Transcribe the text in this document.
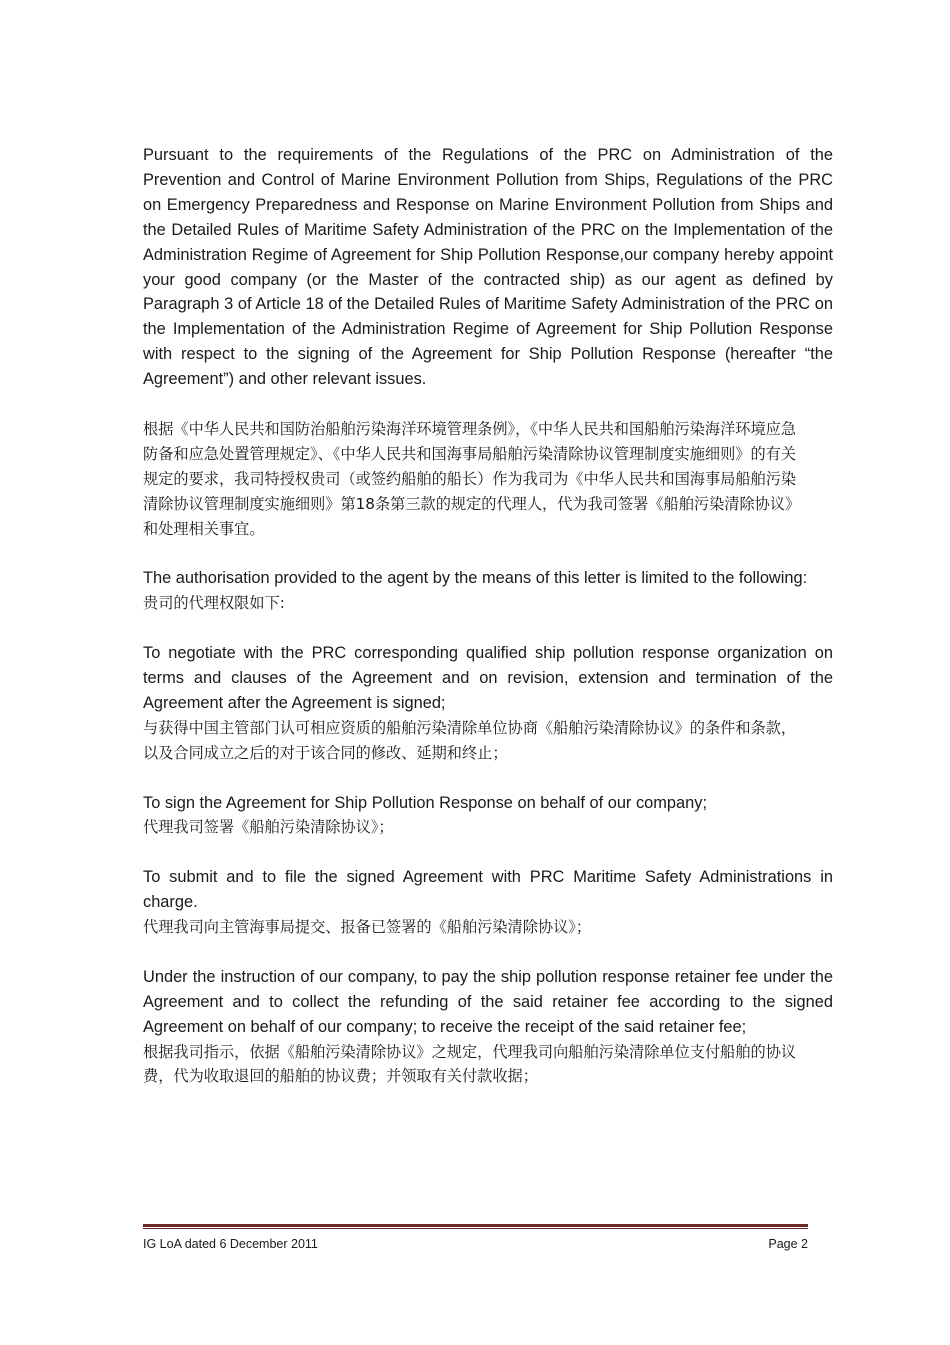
Pursuant to the requirements of the Regulations of the PRC on Administration of the Prevention and Control of Marine Environment Pollution from Ships, Regulations of the PRC on Emergency Preparedness and Response on Marine Environment Pollution from Ships and the Detailed Rules of Maritime Safety Administration of the PRC on the Implementation of the Administration Regime of Agreement for Ship Pollution Response,our company hereby appoint your good company (or the Master of the contracted ship) as our agent as defined by Paragraph 3 of Article 18 of the Detailed Rules of Maritime Safety Administration of the PRC on the Implementation of the Administration Regime of Agreement for Ship Pollution Response with respect to the signing of the Agreement for Ship Pollution Response (hereafter “the Agreement”) and other relevant issues.

根据《中华人民共和国防治船舶污染海洋环境管理条例》，《中华人民共和国船舶污染海洋环境应急防备和应急处置管理规定》、《中华人民共和国海事局船舶污染清除协议管理制度实施细则》的有关规定的要求，我司特授权贵司（或签约船舶的船长）作为我司为《中华人民共和国海事局船舶污染清除协议管理制度实施细则》第18条第三款的规定的代理人，代为我司签署《船舶污染清除协议》和处理相关事宜。

The authorisation provided to the agent by the means of this letter is limited to the following:

贵司的代理权限如下:

To negotiate with the PRC corresponding qualified ship pollution response organization on terms and clauses of the Agreement and on revision, extension and termination of the Agreement after the Agreement is signed;

与获得中国主管部门认可相应资质的船舶污染清除单位协商《船舶污染清除协议》的条件和条款，以及合同成立之后的对于该合同的修改、延期和终止；

To sign the Agreement for Ship Pollution Response on behalf of our company;

代理我司签署《船舶污染清除协议》；

To submit and to file the signed Agreement with PRC Maritime Safety Administrations in charge.

代理我司向主管海事局提交、报备已签署的《船舶污染清除协议》；

Under the instruction of our company, to pay the ship pollution response retainer fee under the Agreement and to collect the refunding of the said retainer fee according to the signed Agreement on behalf of our company; to receive the receipt of the said retainer fee;

根据我司指示，依据《船舶污染清除协议》之规定，代理我司向船舶污染清除单位支付船舶的协议费，代为收取退回的船舶的协议费；并领取有关付款收据；

IG LoA dated 6 December 2011	Page 2
